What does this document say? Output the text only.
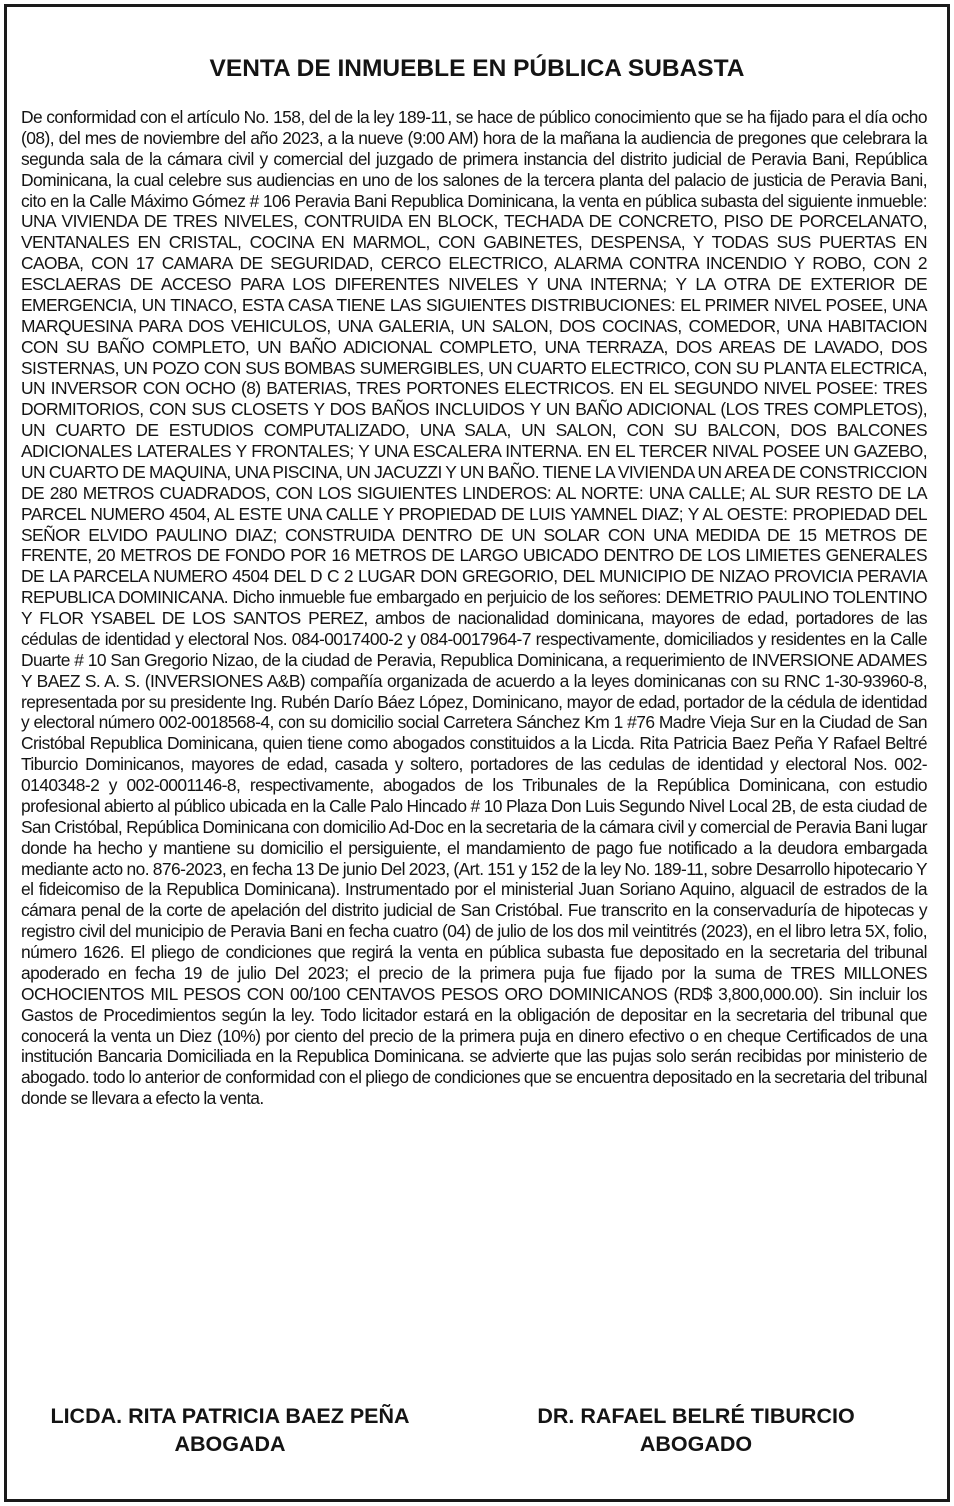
VENTA DE INMUEBLE EN PÚBLICA SUBASTA

De conformidad con el artículo No. 158, del de la ley 189-11, se hace de público conocimiento que se ha fijado para el día ocho (08), del mes de noviembre del año 2023, a la nueve (9:00 AM) hora de la mañana la audiencia de pregones que celebrara la segunda sala de la cámara civil y comercial del juzgado de primera instancia del distrito judicial de Peravia Bani, República Dominicana, la cual celebre sus audiencias en uno de los salones de la tercera planta del palacio de justicia de Peravia Bani, cito en la Calle Máximo Gómez # 106 Peravia Bani Republica Dominicana, la venta en pública subasta del siguiente inmueble: UNA VIVIENDA DE TRES NIVELES, CONTRUIDA EN BLOCK, TECHADA DE CONCRETO, PISO DE PORCELANATO, VENTANALES EN CRISTAL, COCINA EN MARMOL, CON GABINETES, DESPENSA, Y TODAS SUS PUERTAS EN CAOBA, CON 17 CAMARA DE SEGURIDAD, CERCO ELECTRICO, ALARMA CONTRA INCENDIO Y ROBO, CON 2 ESCLAERAS DE ACCESO PARA LOS DIFERENTES NIVELES Y UNA INTERNA; Y LA OTRA DE EXTERIOR DE EMERGENCIA, UN TINACO, ESTA CASA TIENE LAS SIGUIENTES DISTRIBUCIONES: EL PRIMER NIVEL POSEE, UNA MARQUESINA PARA DOS VEHICULOS, UNA GALERIA, UN SALON, DOS COCINAS, COMEDOR, UNA HABITACION CON SU BAÑO COMPLETO, UN BAÑO ADICIONAL COMPLETO, UNA TERRAZA, DOS AREAS DE LAVADO, DOS SISTERNAS, UN POZO CON SUS BOMBAS SUMERGIBLES, UN CUARTO ELECTRICO, CON SU PLANTA ELECTRICA, UN INVERSOR CON OCHO (8) BATERIAS, TRES PORTONES ELECTRICOS. EN EL SEGUNDO NIVEL POSEE: TRES DORMITORIOS, CON SUS CLOSETS Y DOS BAÑOS INCLUIDOS Y UN BAÑO ADICIONAL (LOS TRES COMPLETOS), UN CUARTO DE ESTUDIOS COMPUTALIZADO, UNA SALA, UN SALON, CON SU BALCON, DOS BALCONES ADICIONALES LATERALES Y FRONTALES; Y UNA ESCALERA INTERNA. EN EL TERCER NIVAL POSEE UN GAZEBO, UN CUARTO DE MAQUINA, UNA PISCINA, UN JACUZZI Y UN BAÑO. TIENE LA VIVIENDA UN AREA DE CONSTRICCION DE 280 METROS CUADRADOS, CON LOS SIGUIENTES LINDEROS: AL NORTE: UNA CALLE; AL SUR RESTO DE LA PARCEL NUMERO 4504, AL ESTE UNA CALLE Y PROPIEDAD DE LUIS YAMNEL DIAZ; Y AL OESTE: PROPIEDAD DEL SEÑOR ELVIDO PAULINO DIAZ; CONSTRUIDA DENTRO DE UN SOLAR CON UNA MEDIDA DE 15 METROS DE FRENTE, 20 METROS DE FONDO POR 16 METROS DE LARGO UBICADO DENTRO DE LOS LIMIETES GENERALES DE LA PARCELA NUMERO 4504 DEL D C 2 LUGAR DON GREGORIO, DEL MUNICIPIO DE NIZAO PROVICIA PERAVIA REPUBLICA DOMINICANA. Dicho inmueble fue embargado en perjuicio de los señores: DEMETRIO PAULINO TOLENTINO Y FLOR YSABEL DE LOS SANTOS PEREZ, ambos de nacionalidad dominicana, mayores de edad, portadores de las cédulas de identidad y electoral Nos. 084-0017400-2 y 084-0017964-7 respectivamente, domiciliados y residentes en la Calle Duarte # 10 San Gregorio Nizao, de la ciudad de Peravia, Republica Dominicana, a requerimiento de INVERSIONE ADAMES Y BAEZ S. A. S. (INVERSIONES A&B) compañía organizada de acuerdo a la leyes dominicanas con su RNC 1-30-93960-8, representada por su presidente Ing. Rubén Darío Báez López, Dominicano, mayor de edad, portador de la cédula de identidad y electoral número 002-0018568-4, con su domicilio social Carretera Sánchez Km 1 #76 Madre Vieja Sur en la Ciudad de San Cristóbal Republica Dominicana, quien tiene como abogados constituidos a la Licda. Rita Patricia Baez Peña Y Rafael Beltré Tiburcio Dominicanos, mayores de edad, casada y soltero, portadores de las cedulas de identidad y electoral Nos. 002-0140348-2 y 002-0001146-8, respectivamente, abogados de los Tribunales de la República Dominicana, con estudio profesional abierto al público ubicada en la Calle Palo Hincado # 10 Plaza Don Luis Segundo Nivel Local 2B, de esta ciudad de San Cristóbal, República Dominicana con domicilio Ad-Doc en la secretaria de la cámara civil y comercial de Peravia Bani lugar donde ha hecho y mantiene su domicilio el persiguiente, el mandamiento de pago fue notificado a la deudora embargada mediante acto no. 876-2023, en fecha 13 De junio Del 2023, (Art. 151 y 152 de la ley No. 189-11, sobre Desarrollo hipotecario Y el fideicomiso de la Republica Dominicana). Instrumentado por el ministerial Juan Soriano Aquino, alguacil de estrados de la cámara penal de la corte de apelación del distrito judicial de San Cristóbal. Fue transcrito en la conservaduría de hipotecas y registro civil del municipio de Peravia Bani en fecha cuatro (04) de julio de los dos mil veintitrés (2023), en el libro letra 5X, folio, número 1626. El pliego de condiciones que regirá la venta en pública subasta fue depositado en la secretaria del tribunal apoderado en fecha 19 de julio Del 2023; el precio de la primera puja fue fijado por la suma de TRES MILLONES OCHOCIENTOS MIL PESOS CON 00/100 CENTAVOS PESOS ORO DOMINICANOS (RD$ 3,800,000.00). Sin incluir los Gastos de Procedimientos según la ley. Todo licitador estará en la obligación de depositar en la secretaria del tribunal que conocerá la venta un Diez (10%) por ciento del precio de la primera puja en dinero efectivo o en cheque Certificados de una institución Bancaria Domiciliada en la Republica Dominicana. se advierte que las pujas solo serán recibidas por ministerio de abogado. todo lo anterior de conformidad con el pliego de condiciones que se encuentra depositado en la secretaria del tribunal donde se llevara a efecto la venta.

LICDA. RITA PATRICIA BAEZ PEÑA
ABOGADA
DR. RAFAEL BELRÉ TIBURCIO
ABOGADO
